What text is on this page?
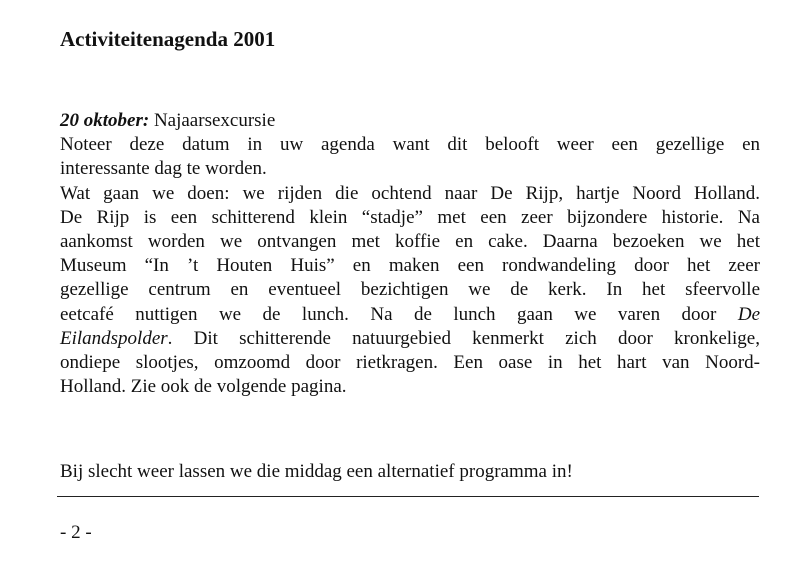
Activiteitenagenda 2001
20 oktober: Najaarsexcursie
Noteer deze datum in uw agenda want dit belooft weer een gezellige en
interessante dag te worden.
Wat gaan we doen: we rijden die ochtend naar De Rijp, hartje Noord Holland.
De Rijp is een schitterend klein “stadje” met een zeer bijzondere historie. Na
aankomst worden we ontvangen met koffie en cake. Daarna bezoeken we het
Museum “In ’t Houten Huis” en maken een rondwandeling door het zeer
gezellige centrum en eventueel bezichtigen we de kerk. In het sfeervolle
eetcafé nuttigen we de lunch. Na de lunch gaan we varen door De
Eilandspolder. Dit schitterende natuurgebied kenmerkt zich door kronkelige,
ondiepe slootjes, omzoomd door rietkragen. Een oase in het hart van Noord-
Holland. Zie ook de volgende pagina.
Bij slecht weer lassen we die middag een alternatief programma in!
- 2 -
